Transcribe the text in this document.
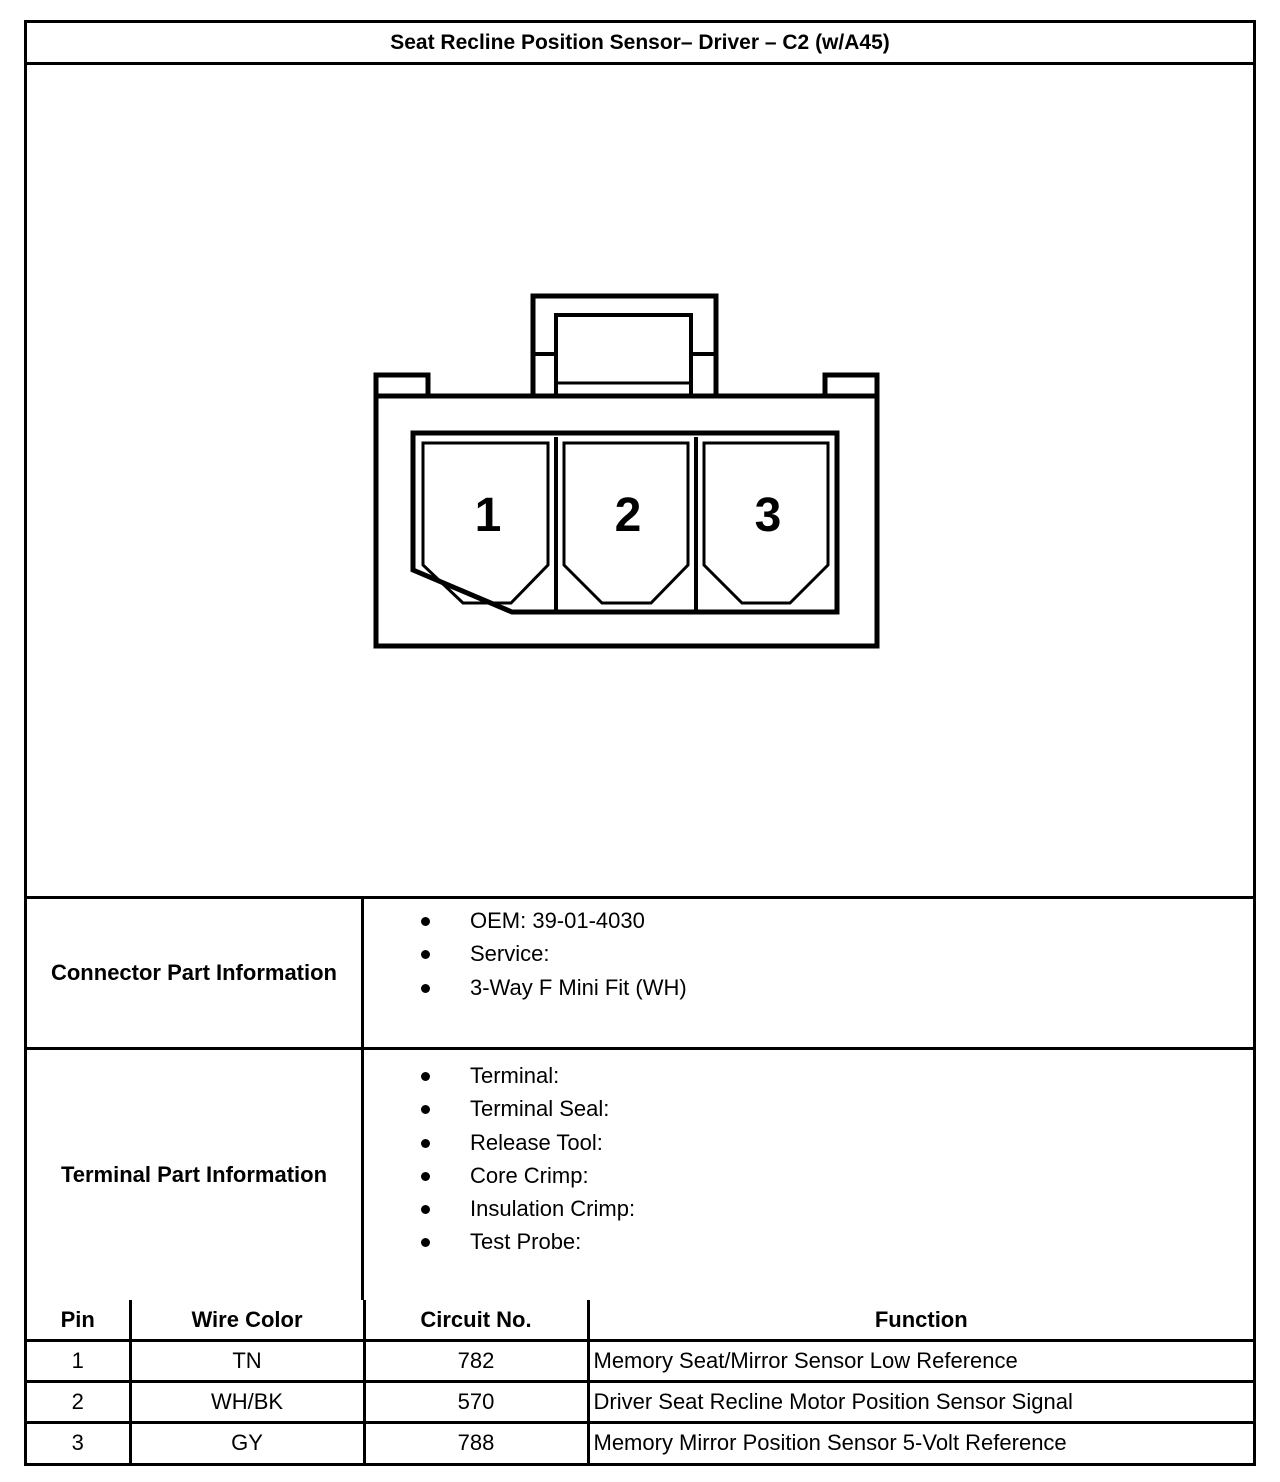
Seat Recline Position Sensor– Driver – C2 (w/A45)
1 2 3
Connector Part Information
OEM: 39-01-4030
Service:
3-Way F Mini Fit (WH)
Terminal Part Information
Terminal:
Terminal Seal:
Release Tool:
Core Crimp:
Insulation Crimp:
Test Probe:
Pin	Wire Color	Circuit No.	Function
1	TN	782	Memory Seat/Mirror Sensor Low Reference
2	WH/BK	570	Driver Seat Recline Motor Position Sensor Signal
3	GY	788	Memory Mirror Position Sensor 5-Volt Reference
